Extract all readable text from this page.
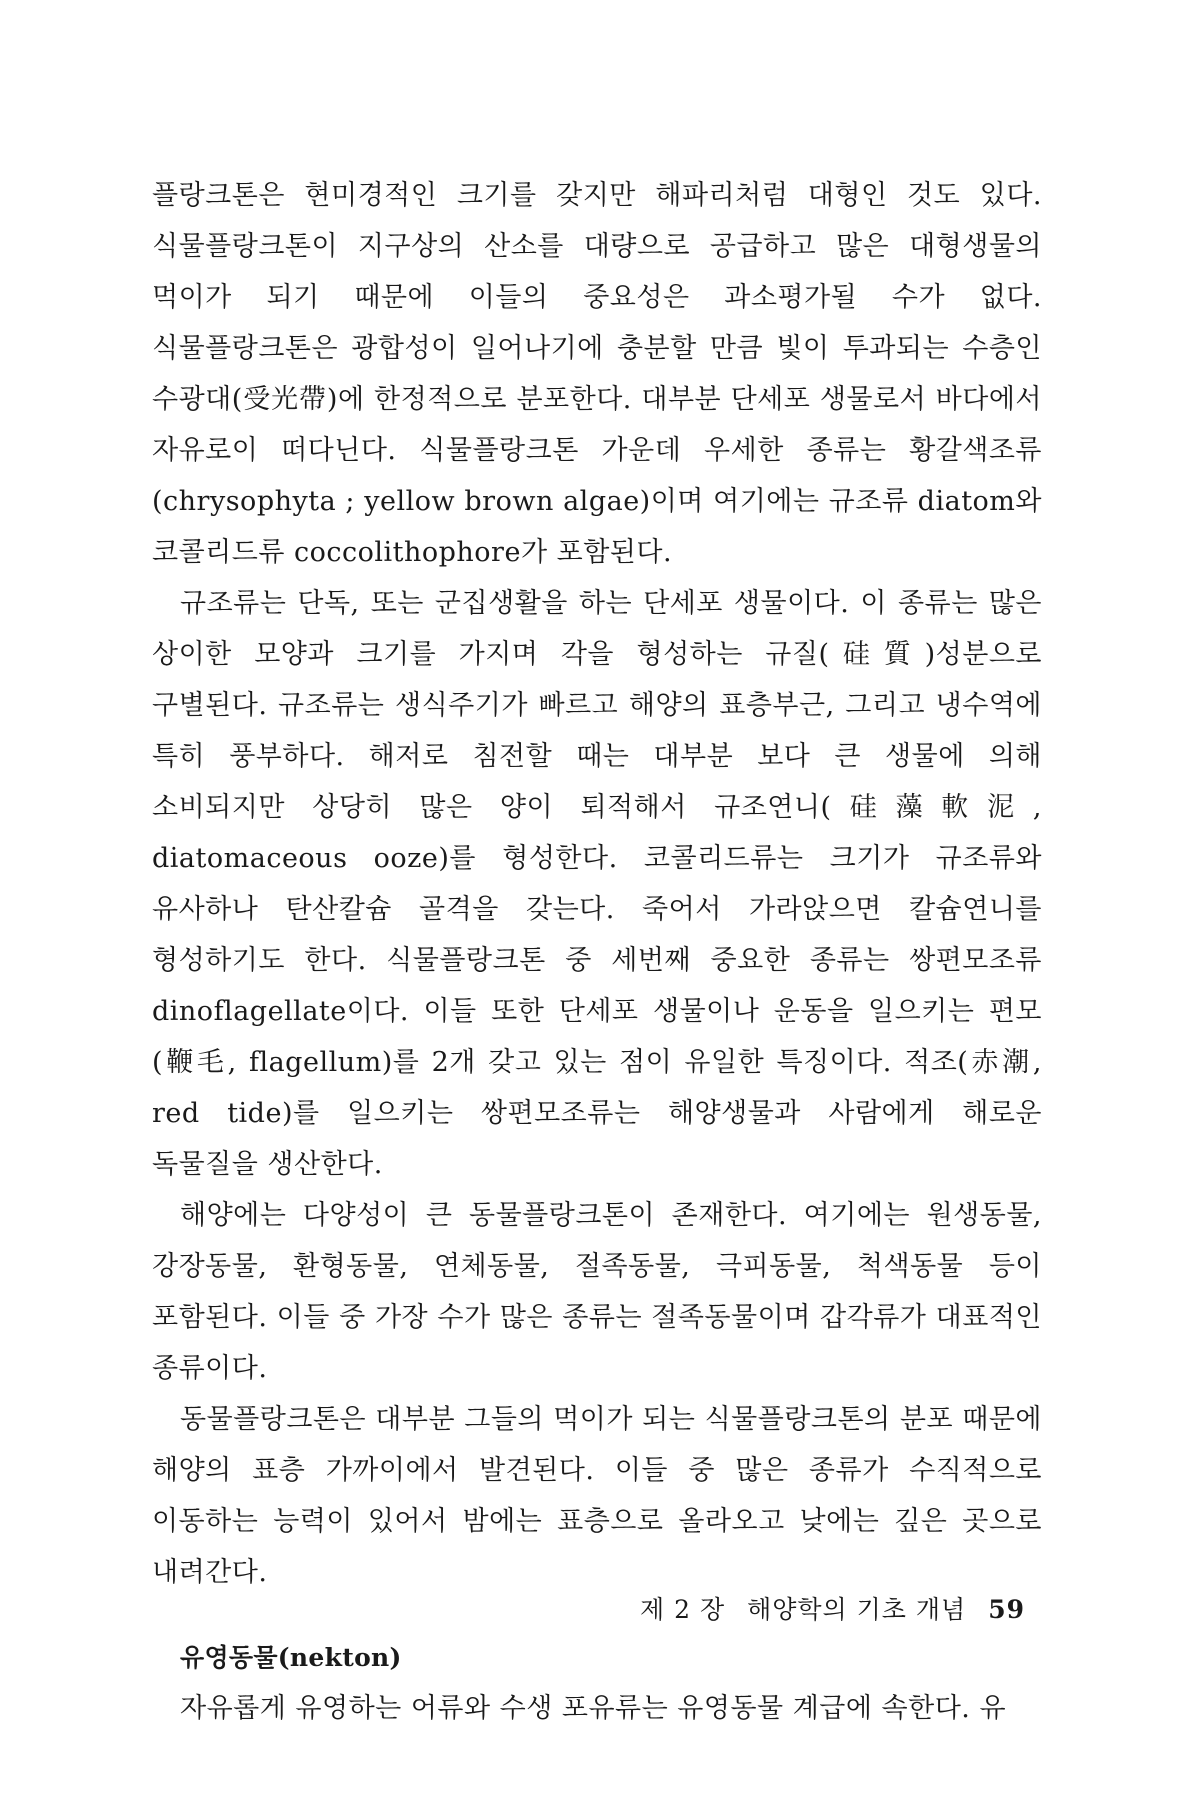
플랑크톤은 현미경적인 크기를 갖지만 해파리처럼 대형인 것도 있다. 식물플랑크톤이 지구상의 산소를 대량으로 공급하고 많은 대형생물의 먹이가 되기 때문에 이들의 중요성은 과소평가될 수가 없다. 식물플랑크톤은 광합성이 일어나기에 충분할 만큼 빛이 투과되는 수층인 수광대(受光帶)에 한정적으로 분포한다. 대부분 단세포 생물로서 바다에서 자유로이 떠다닌다. 식물플랑크톤 가운데 우세한 종류는 황갈색조류(chrysophyta ; yellow brown algae)이며 여기에는 규조류 diatom와 코콜리드류 coccolithophore가 포함된다.

규조류는 단독, 또는 군집생활을 하는 단세포 생물이다. 이 종류는 많은 상이한 모양과 크기를 가지며 각을 형성하는 규질(硅質)성분으로 구별된다. 규조류는 생식주기가 빠르고 해양의 표층부근, 그리고 냉수역에 특히 풍부하다. 해저로 침전할 때는 대부분 보다 큰 생물에 의해 소비되지만 상당히 많은 양이 퇴적해서 규조연니(硅藻軟泥, diatomaceous ooze)를 형성한다. 코콜리드류는 크기가 규조류와 유사하나 탄산칼슘 골격을 갖는다. 죽어서 가라앉으면 칼슘연니를 형성하기도 한다. 식물플랑크톤 중 세번째 중요한 종류는 쌍편모조류 dinoflagellate이다. 이들 또한 단세포 생물이나 운동을 일으키는 편모(鞭毛, flagellum)를 2개 갖고 있는 점이 유일한 특징이다. 적조(赤潮, red tide)를 일으키는 쌍편모조류는 해양생물과 사람에게 해로운 독물질을 생산한다.

해양에는 다양성이 큰 동물플랑크톤이 존재한다. 여기에는 원생동물, 강장동물, 환형동물, 연체동물, 절족동물, 극피동물, 척색동물 등이 포함된다. 이들 중 가장 수가 많은 종류는 절족동물이며 갑각류가 대표적인 종류이다.

동물플랑크톤은 대부분 그들의 먹이가 되는 식물플랑크톤의 분포 때문에 해양의 표층 가까이에서 발견된다. 이들 중 많은 종류가 수직적으로 이동하는 능력이 있어서 밤에는 표층으로 올라오고 낮에는 깊은 곳으로 내려간다.

유영동물(nekton)

자유롭게 유영하는 어류와 수생 포유류는 유영동물 계급에 속한다. 유

제 2 장 해양학의 기초 개념 59
